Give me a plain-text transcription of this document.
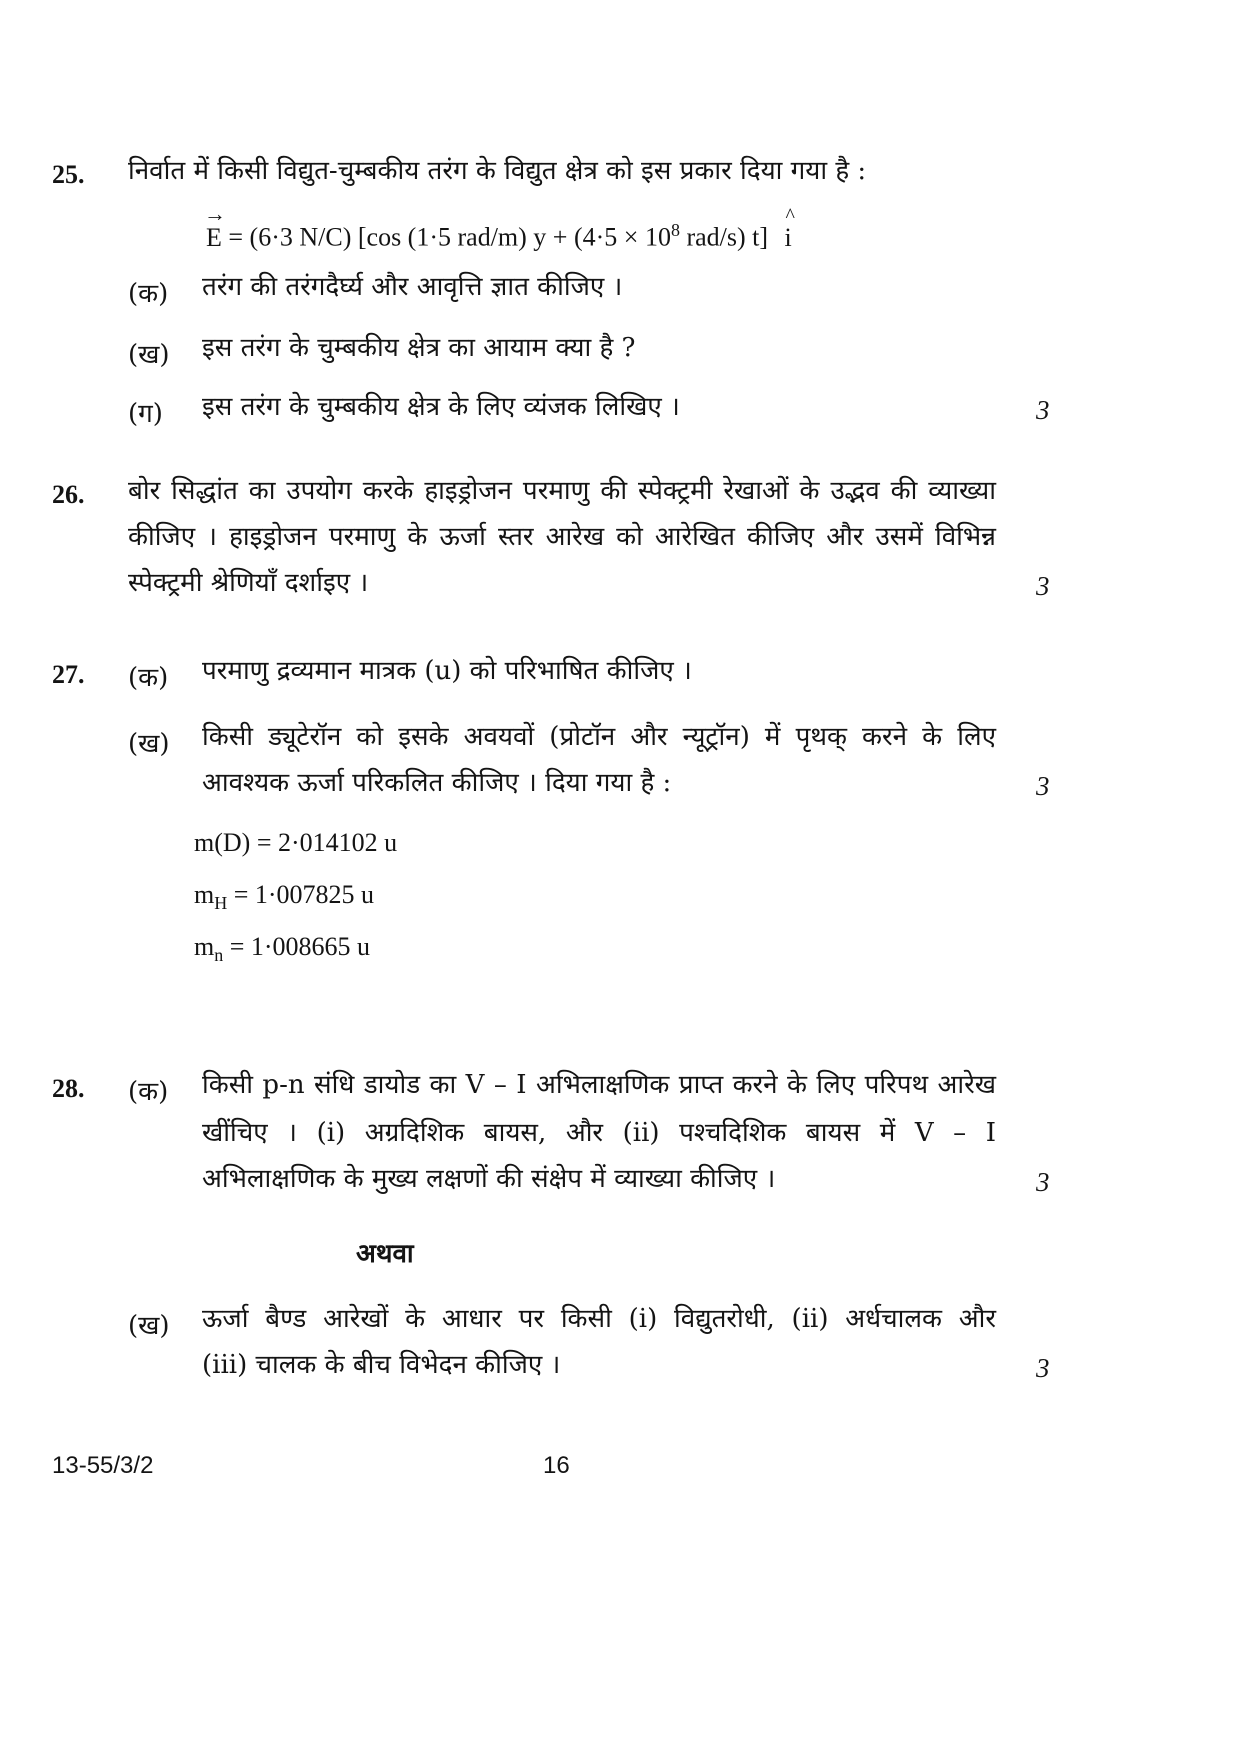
25. निर्वात में किसी विद्युत-चुम्बकीय तरंग के विद्युत क्षेत्र को इस प्रकार दिया गया है :
→
E = (6·3 N/C) [cos (1·5 rad/m) $y + (4\cdot 5 \times 10^8$ rad/s) t]
^
i
(क) तरंग की तरंगदैर्घ्य और आवृत्ति ज्ञात कीजिए ।
(ख) इस तरंग के चुम्बकीय क्षेत्र का आयाम क्या है ?
(ग) इस तरंग के चुम्बकीय क्षेत्र के लिए व्यंजक लिखिए ।	3
26. बोर सिद्धांत का उपयोग करके हाइड्रोजन परमाणु की स्पेक्ट्रमी रेखाओं के उद्भव की व्याख्या
कीजिए । हाइड्रोजन परमाणु के ऊर्जा स्तर आरेख को आरेखित कीजिए और उसमें विभिन्न
स्पेक्ट्रमी श्रेणियाँ दर्शाइए ।	3
27. (क) परमाणु द्रव्यमान मात्रक (u) को परिभाषित कीजिए ।
(ख) किसी ड्यूटेरॉन को इसके अवयवों (प्रोटॉन और न्यूट्रॉन) में पृथक् करने के लिए
आवश्यक ऊर्जा परिकलित कीजिए । दिया गया है :	3
m(D) = 2·014102 u
$m_H = 1\cdot 007825$ u
$m_n = 1\cdot 008665$ u
28. (क) किसी p-n संधि डायोड का V – I अभिलाक्षणिक प्राप्त करने के लिए परिपथ आरेख
खींचिए । (i) अग्रदिशिक बायस, और (ii) पश्चदिशिक बायस में V – I
अभिलाक्षणिक के मुख्य लक्षणों की संक्षेप में व्याख्या कीजिए ।	3
अथवा
(ख) ऊर्जा बैण्ड आरेखों के आधार पर किसी (i) विद्युतरोधी, (ii) अर्धचालक और
(iii) चालक के बीच विभेदन कीजिए ।	3
13-55/3/2	16
